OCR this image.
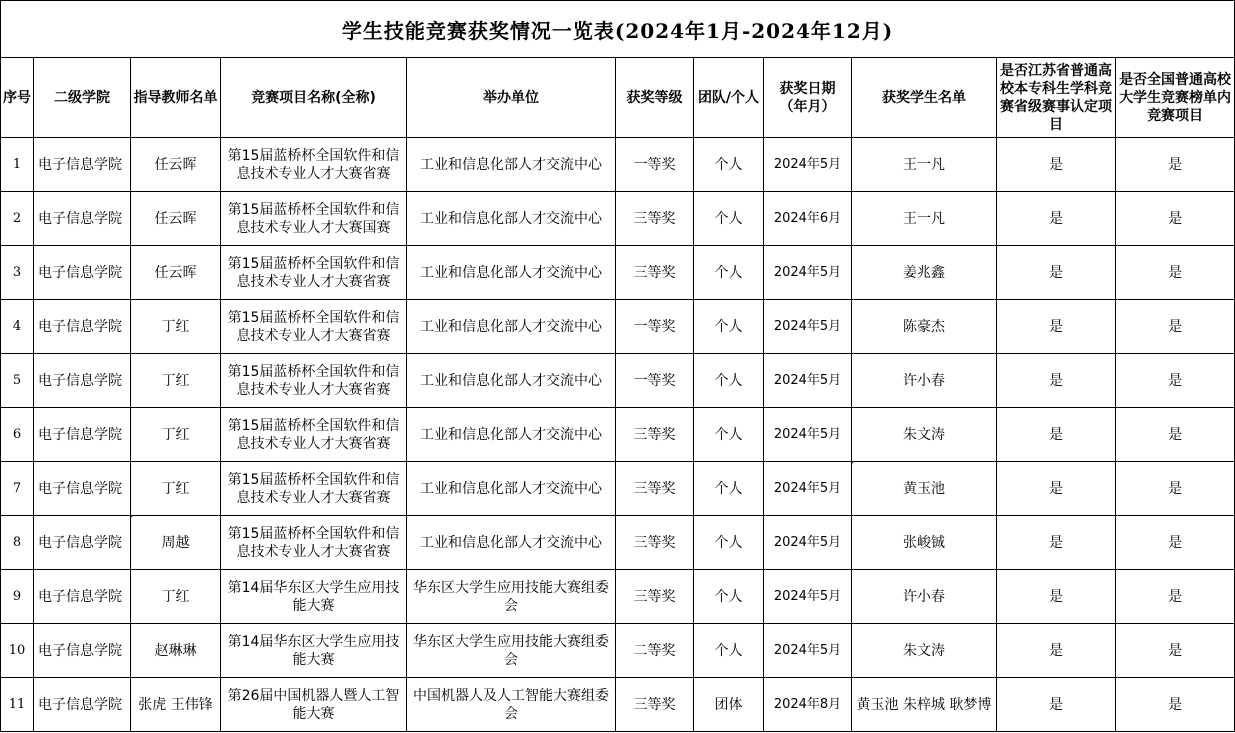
学生技能竞赛获奖情况一览表(2024年1月-2024年12月)										
序号	二级学院	指导教师名单	竞赛项目名称(全称)	举办单位	获奖等级	团队/个人	获奖日期（年月）	获奖学生名单	是否江苏省普通高校本专科生学科竞赛省级赛事认定项目	是否全国普通高校大学生竞赛榜单内竞赛项目
1	电子信息学院	任云晖	第15届蓝桥杯全国软件和信息技术专业人才大赛省赛	工业和信息化部人才交流中心	一等奖	个人	2024年5月	王一凡	是	是
2	电子信息学院	任云晖	第15届蓝桥杯全国软件和信息技术专业人才大赛国赛	工业和信息化部人才交流中心	三等奖	个人	2024年6月	王一凡	是	是
3	电子信息学院	任云晖	第15届蓝桥杯全国软件和信息技术专业人才大赛省赛	工业和信息化部人才交流中心	三等奖	个人	2024年5月	姜兆鑫	是	是
4	电子信息学院	丁红	第15届蓝桥杯全国软件和信息技术专业人才大赛省赛	工业和信息化部人才交流中心	一等奖	个人	2024年5月	陈豪杰	是	是
5	电子信息学院	丁红	第15届蓝桥杯全国软件和信息技术专业人才大赛省赛	工业和信息化部人才交流中心	一等奖	个人	2024年5月	许小春	是	是
6	电子信息学院	丁红	第15届蓝桥杯全国软件和信息技术专业人才大赛省赛	工业和信息化部人才交流中心	三等奖	个人	2024年5月	朱文涛	是	是
7	电子信息学院	丁红	第15届蓝桥杯全国软件和信息技术专业人才大赛省赛	工业和信息化部人才交流中心	三等奖	个人	2024年5月	黄玉池	是	是
8	电子信息学院	周越	第15届蓝桥杯全国软件和信息技术专业人才大赛省赛	工业和信息化部人才交流中心	三等奖	个人	2024年5月	张峻铖	是	是
9	电子信息学院	丁红	第14届华东区大学生应用技能大赛	华东区大学生应用技能大赛组委会	三等奖	个人	2024年5月	许小春	是	是
10	电子信息学院	赵琳琳	第14届华东区大学生应用技能大赛	华东区大学生应用技能大赛组委会	二等奖	个人	2024年5月	朱文涛	是	是
11	电子信息学院	张虎 王伟锋	第26届中国机器人暨人工智能大赛	中国机器人及人工智能大赛组委会	三等奖	团体	2024年8月	黄玉池 朱梓城 耿梦博	是	是
